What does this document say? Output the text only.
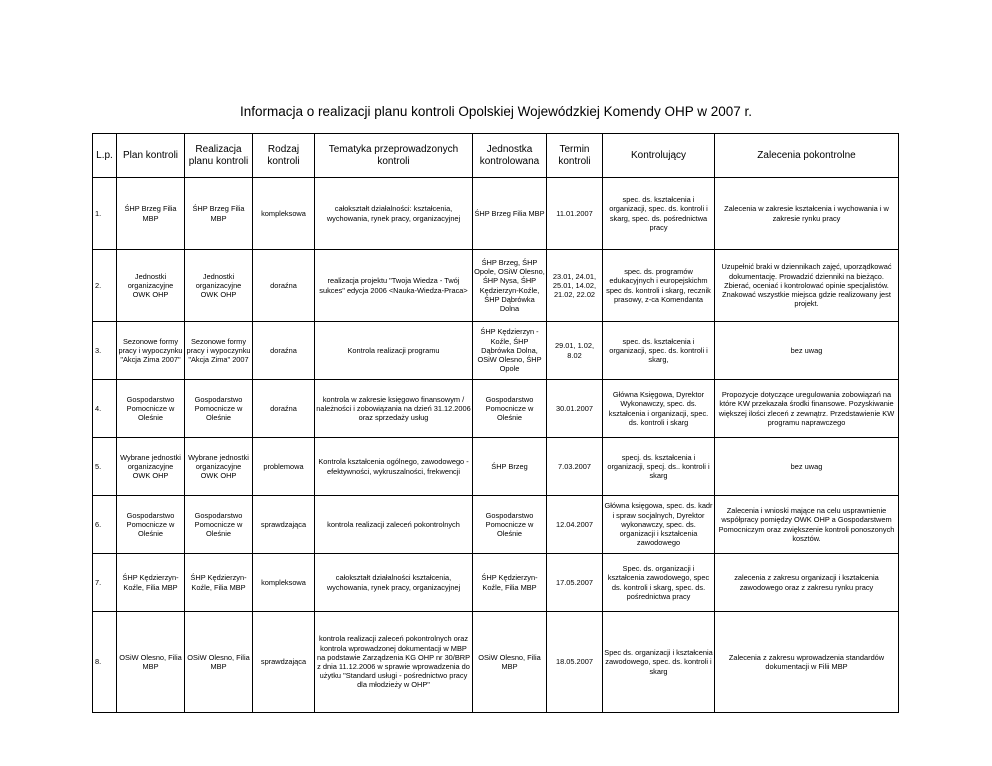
Informacja o realizacji planu kontroli Opolskiej Wojewódzkiej Komendy OHP w 2007 r.
L.p.	Plan kontroli	Realizacja planu kontroli	Rodzaj kontroli	Tematyka przeprowadzonych kontroli	Jednostka kontrolowana	Termin kontroli	Kontrolujący	Zalecenia pokontrolne
1.	ŚHP Brzeg Filia MBP	ŚHP Brzeg Filia MBP	kompleksowa	całokształt działalności: kształcenia, wychowania, rynek pracy, organizacyjnej	ŚHP Brzeg Filia MBP	11.01.2007	spec. ds. kształcenia i organizacji, spec. ds. kontroli i skarg, spec. ds. pośrednictwa pracy	Zalecenia w zakresie kształcenia i wychowania i w zakresie rynku pracy
2.	Jednostki organizacyjne OWK OHP	Jednostki organizacyjne OWK OHP	doraźna	realizacja projektu "Twoja Wiedza - Twój sukces" edycja 2006 <Nauka-Wiedza-Praca>	ŚHP Brzeg, ŚHP Opole, OSiW Olesno, ŚHP Nysa, ŚHP Kędzierzyn-Koźle, ŚHP Dąbrówka Dolna	23.01, 24.01, 25.01, 14.02, 21.02, 22.02	spec. ds. programów edukacyjnych i europejskichm spec ds. kontroli i skarg, recznik prasowy, z-ca Komendanta	Uzupełnić braki w dziennikach zajęć, uporządkować dokumentację. Prowadzić dzienniki na bieżąco. Zbierać, oceniać i kontrolować opinie specjalistów. Znakować wszystkie miejsca gdzie realizowany jest projekt.
3.	Sezonowe formy pracy i wypoczynku "Akcja Zima 2007"	Sezonowe formy pracy i wypoczynku "Akcja Zima" 2007	doraźna	Kontrola realizacji programu	ŚHP Kędzierzyn - Koźle, ŚHP Dąbrówka Dolna, OSiW Olesno, ŚHP Opole	29.01, 1.02, 8.02	spec. ds. kształcenia i organizacji, spec. ds. kontroli i skarg,	bez uwag
4.	Gospodarstwo Pomocnicze w Oleśnie	Gospodarstwo Pomocnicze w Oleśnie	doraźna	kontrola w zakresie księgowo finansowym / należności i zobowiązania na dzień 31.12.2006 oraz sprzedaży usług	Gospodarstwo Pomocnicze w Oleśnie	30.01.2007	Główna Księgowa, Dyrektor Wykonawczy, spec. ds. kształcenia i organizacji, spec. ds. kontroli i skarg	Propozycje dotyczące uregulowania zobowiązań na które KW przekazała środki finansowe. Pozyskiwanie większej ilości zleceń z zewnątrz. Przedstawienie KW programu naprawczego
5.	Wybrane jednostki organizacyjne OWK OHP	Wybrane jednostki organizacyjne OWK OHP	problemowa	Kontrola kształcenia ogólnego, zawodowego - efektywności, wykruszalności, frekwencji	ŚHP Brzeg	7.03.2007	specj. ds. kształcenia i organizacji, specj. ds.. kontroli i skarg	bez uwag
6.	Gospodarstwo Pomocnicze w Oleśnie	Gospodarstwo Pomocnicze w Oleśnie	sprawdzająca	kontrola realizacji zaleceń pokontrolnych	Gospodarstwo Pomocnicze w Oleśnie	12.04.2007	Główna księgowa, spec. ds. kadr i spraw socjalnych, Dyrektor wykonawczy, spec. ds. organizacji i kształcenia zawodowego	Zalecenia i wnioski mające na celu usprawnienie współpracy pomiędzy OWK OHP a Gospodarstwem Pomocniczym oraz zwiększenie kontroli ponoszonych kosztów.
7.	ŚHP Kędzierzyn-Koźle, Filia MBP	ŚHP Kędzierzyn-Koźle, Filia MBP	kompleksowa	całokształt działalności kształcenia, wychowania, rynek pracy, organizacyjnej	ŚHP Kędzierzyn-Koźle, Filia MBP	17.05.2007	Spec. ds. organizacji i kształcenia zawodowego, spec ds. kontroli i skarg, spec. ds. pośrednictwa pracy	zalecenia z zakresu organizacji i kształcenia zawodowego oraz z zakresu rynku pracy
8.	OSiW Olesno, Filia MBP	OSiW Olesno, Filia MBP	sprawdzająca	kontrola realizacji zaleceń pokontrolnych oraz kontrola wprowadzonej dokumentacji w MBP na podstawie Zarządzenia KG OHP nr 30/BRP z dnia 11.12.2006 w sprawie wprowadzenia do użytku "Standard usługi - pośrednictwo pracy dla młodzieży w OHP"	OSiW Olesno, Filia MBP	18.05.2007	Spec ds. organizacji i kształcenia zawodowego, spec. ds. kontroli i skarg	Zalecenia z zakresu wprowadzenia standardów dokumentacji w Filii MBP
